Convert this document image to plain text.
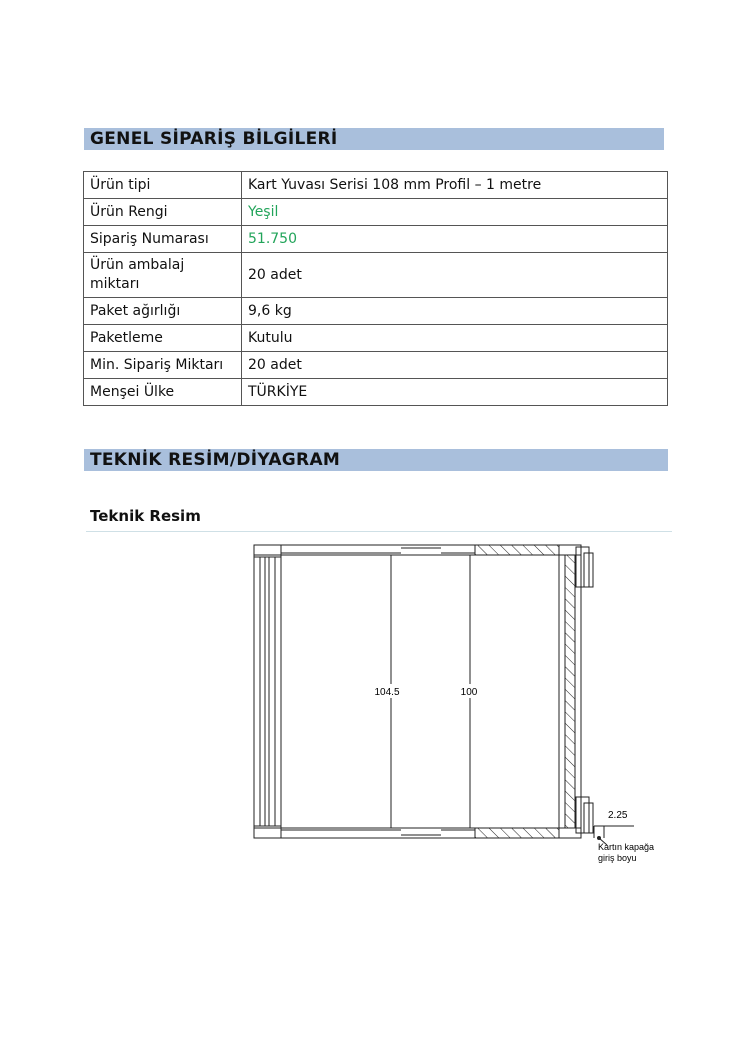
GENEL SİPARİŞ BİLGİLERİ
Ürün tipi	Kart Yuvası Serisi 108 mm Profil – 1 metre
Ürün Rengi	Yeşil
Sipariş Numarası	51.750
Ürün ambalaj miktarı	20 adet
Paket ağırlığı	9,6 kg
Paketleme	Kutulu
Min. Sipariş Miktarı	20 adet
Menşei Ülke	TÜRKİYE
TEKNİK RESİM/DİYAGRAM
Teknik Resim
104.5	100
2.25
Kartın kapağa
giriş boyu
